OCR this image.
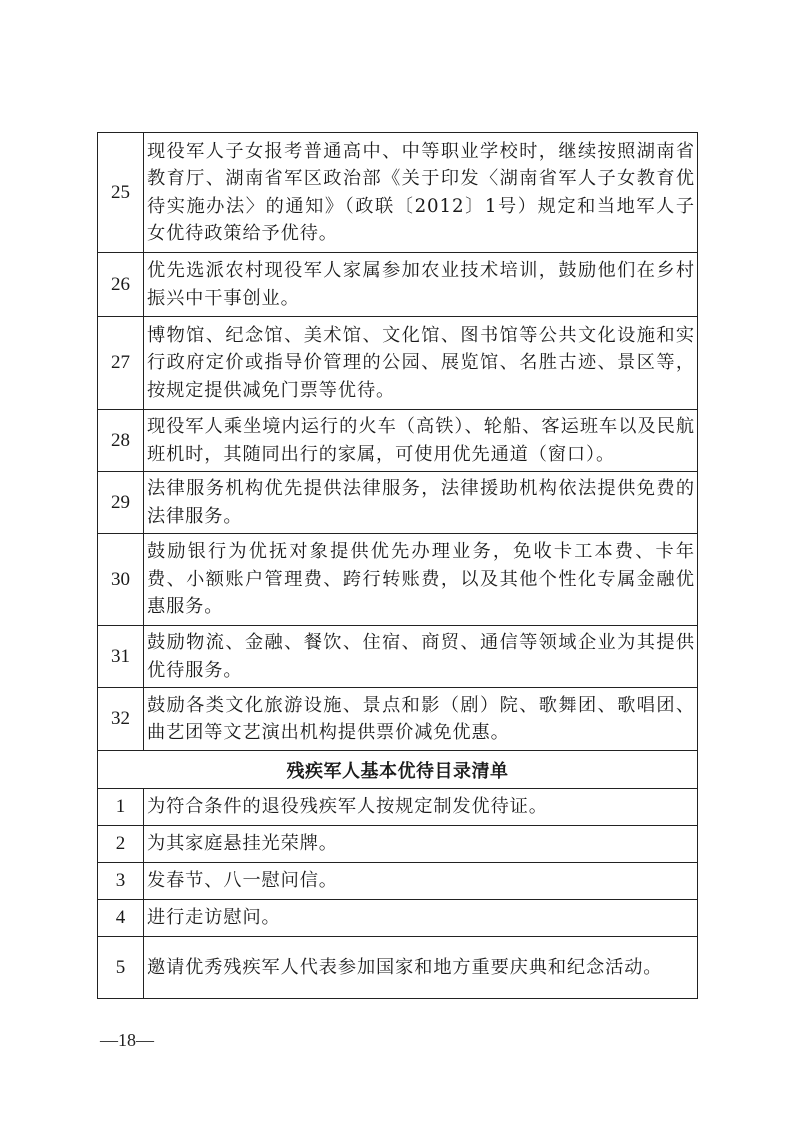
25	现役军人子女报考普通高中、中等职业学校时，继续按照湖南省教育厅、湖南省军区政治部《关于印发〈湖南省军人子女教育优待实施办法〉的通知》（政联〔2012〕1号）规定和当地军人子女优待政策给予优待。
26	优先选派农村现役军人家属参加农业技术培训，鼓励他们在乡村振兴中干事创业。
27	博物馆、纪念馆、美术馆、文化馆、图书馆等公共文化设施和实行政府定价或指导价管理的公园、展览馆、名胜古迹、景区等，按规定提供减免门票等优待。
28	现役军人乘坐境内运行的火车（高铁）、轮船、客运班车以及民航班机时，其随同出行的家属，可使用优先通道（窗口）。
29	法律服务机构优先提供法律服务，法律援助机构依法提供免费的法律服务。
30	鼓励银行为优抚对象提供优先办理业务，免收卡工本费、卡年费、小额账户管理费、跨行转账费，以及其他个性化专属金融优惠服务。
31	鼓励物流、金融、餐饮、住宿、商贸、通信等领域企业为其提供优待服务。
32	鼓励各类文化旅游设施、景点和影（剧）院、歌舞团、歌唱团、曲艺团等文艺演出机构提供票价减免优惠。
残疾军人基本优待目录清单	
1	为符合条件的退役残疾军人按规定制发优待证。
2	为其家庭悬挂光荣牌。
3	发春节、八一慰问信。
4	进行走访慰问。
5	邀请优秀残疾军人代表参加国家和地方重要庆典和纪念活动。
—18—
